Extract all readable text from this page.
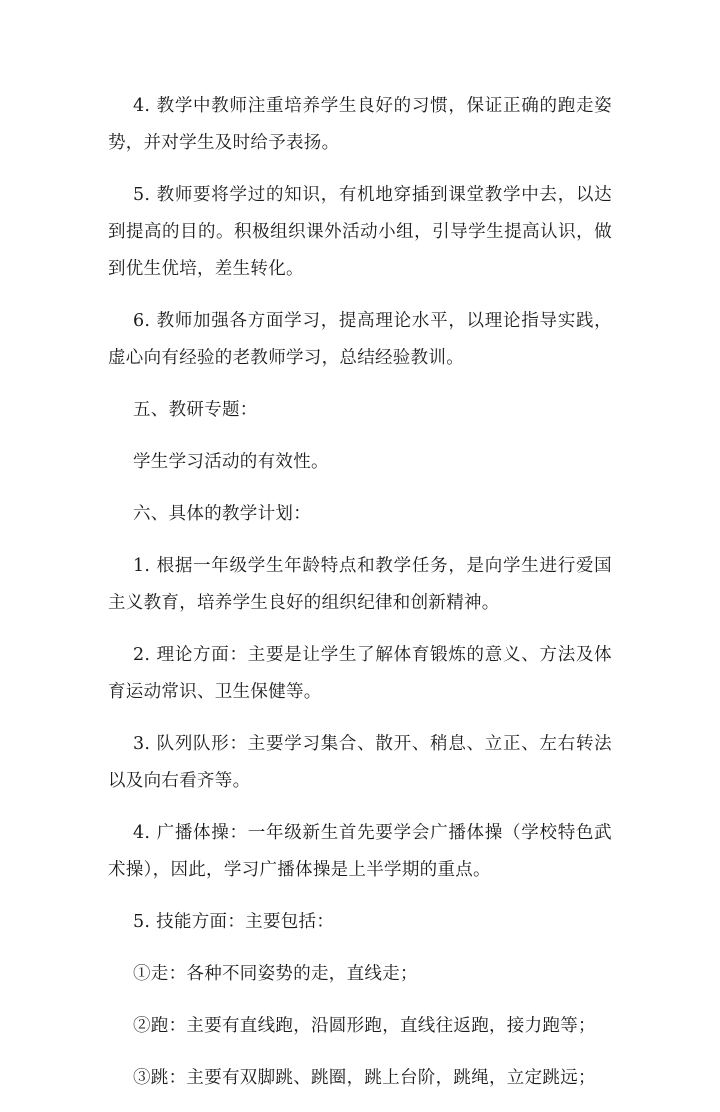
4. 教学中教师注重培养学生良好的习惯，保证正确的跑走姿势，并对学生及时给予表扬。

5. 教师要将学过的知识，有机地穿插到课堂教学中去，以达到提高的目的。积极组织课外活动小组，引导学生提高认识，做到优生优培，差生转化。

6. 教师加强各方面学习，提高理论水平，以理论指导实践，虚心向有经验的老教师学习，总结经验教训。

五、教研专题：

学生学习活动的有效性。

六、具体的教学计划：

1. 根据一年级学生年龄特点和教学任务，是向学生进行爱国主义教育，培养学生良好的组织纪律和创新精神。

2. 理论方面：主要是让学生了解体育锻炼的意义、方法及体育运动常识、卫生保健等。

3. 队列队形：主要学习集合、散开、稍息、立正、左右转法以及向右看齐等。

4. 广播体操：一年级新生首先要学会广播体操（学校特色武术操），因此，学习广播体操是上半学期的重点。

5. 技能方面：主要包括：

①走：各种不同姿势的走，直线走；

②跑：主要有直线跑，沿圆形跑，直线往返跑，接力跑等；

③跳：主要有双脚跳、跳圈，跳上台阶，跳绳，立定跳远；
